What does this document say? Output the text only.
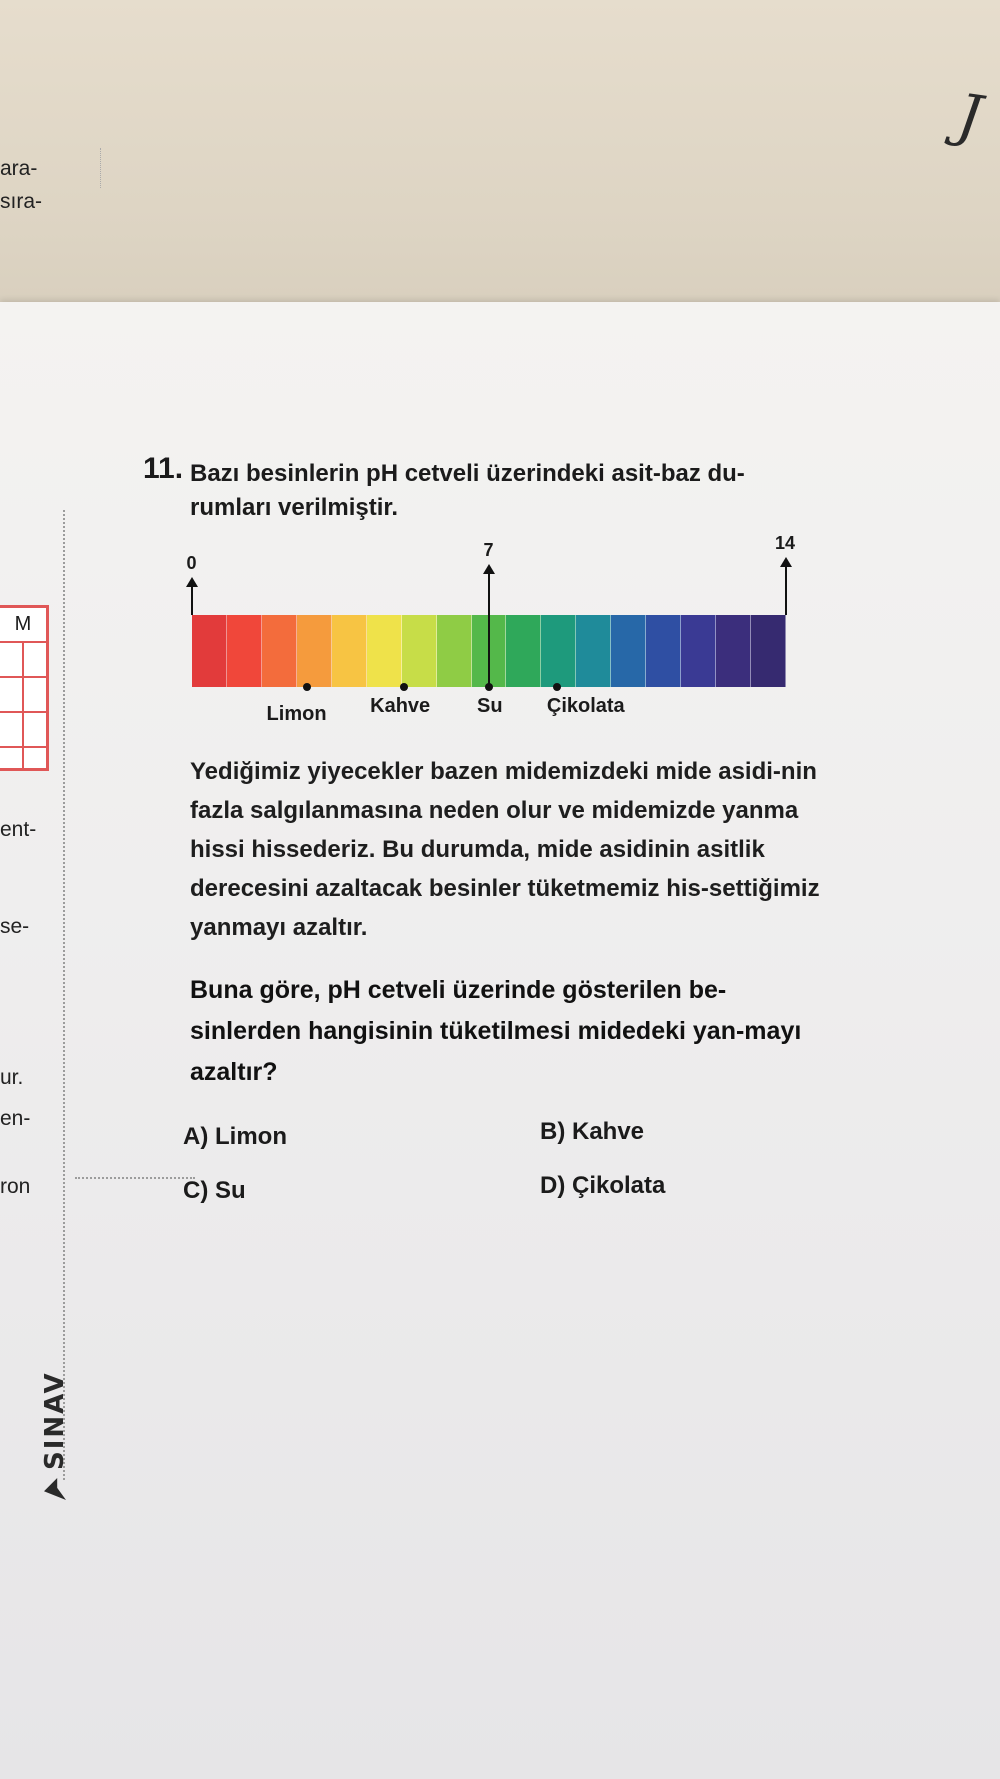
J
ara-
sıra-
ent-
se-
ur.
en-
ron
M
SINAV
11. Bazı besinlerin pH cetveli üzerindeki asit-baz du-rumları verilmiştir.
0
7	14
Limon Kahve Su Çikolata
Yediğimiz yiyecekler bazen midemizdeki mide asidi-nin fazla salgılanmasına neden olur ve midemizde yanma hissi hissederiz. Bu durumda, mide asidinin asitlik derecesini azaltacak besinler tüketmemiz his-settiğimiz yanmayı azaltır.
Buna göre, pH cetveli üzerinde gösterilen be-sinlerden hangisinin tüketilmesi midedeki yan-mayı azaltır?
A) Limon	B) Kahve
C) Su	D) Çikolata
